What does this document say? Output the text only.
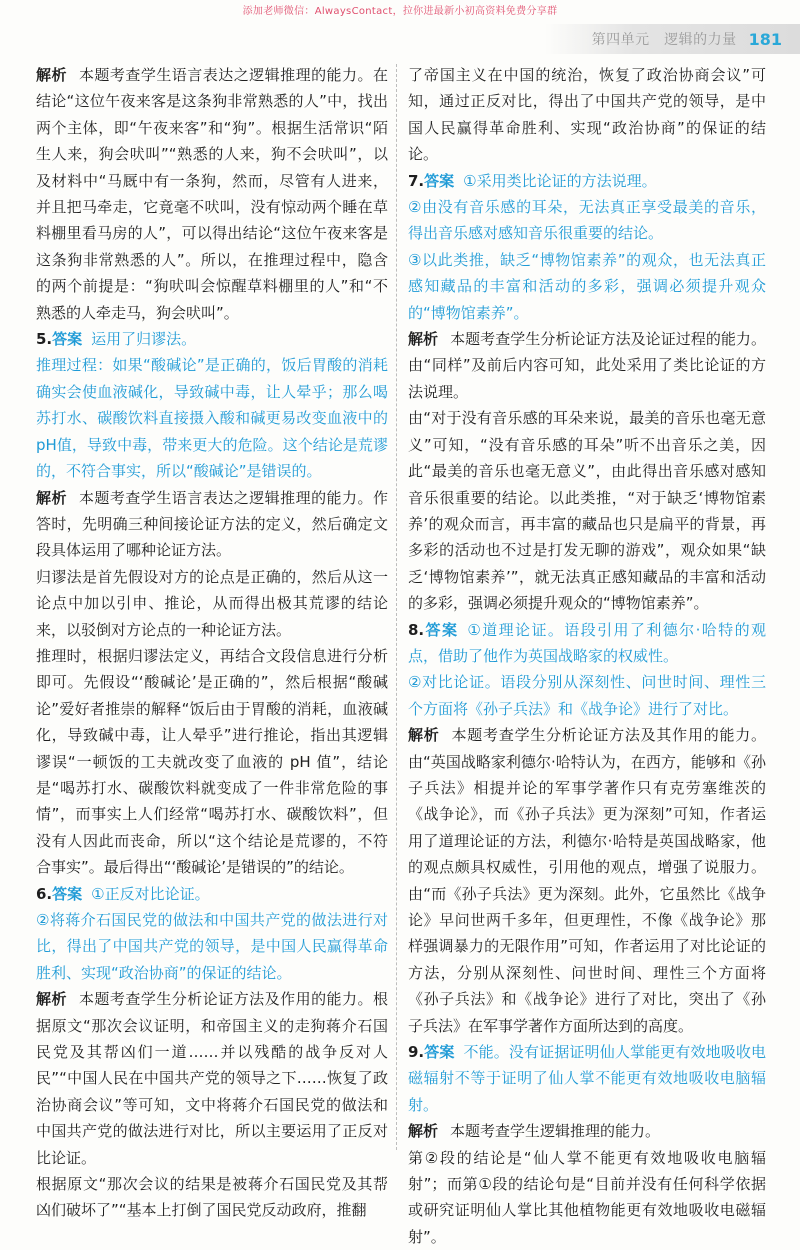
添加老师微信：AlwaysContact，拉你进最新小初高资料免费分享群
第四单元　逻辑的力量 181
解析 本题考查学生语言表达之逻辑推理的能力。在结论“这位午夜来客是这条狗非常熟悉的人”中，找出两个主体，即“午夜来客”和“狗”。根据生活常识“陌生人来，狗会吠叫”“熟悉的人来，狗不会吠叫”，以及材料中“马厩中有一条狗，然而，尽管有人进来，并且把马牵走，它竟毫不吠叫，没有惊动两个睡在草料棚里看马房的人”，可以得出结论“这位午夜来客是这条狗非常熟悉的人”。所以，在推理过程中，隐含的两个前提是：“狗吠叫会惊醒草料棚里的人”和“不熟悉的人牵走马，狗会吠叫”。
5.答案 运用了归谬法。
推理过程：如果“酸碱论”是正确的，饭后胃酸的消耗确实会使血液碱化，导致碱中毒，让人晕乎；那么喝苏打水、碳酸饮料直接摄入酸和碱更易改变血液中的pH值，导致中毒，带来更大的危险。这个结论是荒谬的，不符合事实，所以“酸碱论”是错误的。
解析 本题考查学生语言表达之逻辑推理的能力。作答时，先明确三种间接论证方法的定义，然后确定文段具体运用了哪种论证方法。
归谬法是首先假设对方的论点是正确的，然后从这一论点中加以引申、推论，从而得出极其荒谬的结论来，以驳倒对方论点的一种论证方法。
推理时，根据归谬法定义，再结合文段信息进行分析即可。先假设“‘酸碱论’是正确的”，然后根据“酸碱论”爱好者推崇的解释“饭后由于胃酸的消耗，血液碱化，导致碱中毒，让人晕乎”进行推论，指出其逻辑谬误“一顿饭的工夫就改变了血液的 pH 值”，结论是“喝苏打水、碳酸饮料就变成了一件非常危险的事情”，而事实上人们经常“喝苏打水、碳酸饮料”，但没有人因此而丧命，所以“这个结论是荒谬的，不符合事实”。最后得出“‘酸碱论’是错误的”的结论。
6.答案 ①正反对比论证。
②将蒋介石国民党的做法和中国共产党的做法进行对比，得出了中国共产党的领导，是中国人民赢得革命胜利、实现“政治协商”的保证的结论。
解析 本题考查学生分析论证方法及作用的能力。根据原文“那次会议证明，和帝国主义的走狗蒋介石国民党及其帮凶们一道……并以残酷的战争反对人民”“中国人民在中国共产党的领导之下……恢复了政治协商会议”等可知，文中将蒋介石国民党的做法和中国共产党的做法进行对比，所以主要运用了正反对比论证。
根据原文“那次会议的结果是被蒋介石国民党及其帮凶们破坏了”“基本上打倒了国民党反动政府，推翻
了帝国主义在中国的统治，恢复了政治协商会议”可知，通过正反对比，得出了中国共产党的领导，是中国人民赢得革命胜利、实现“政治协商”的保证的结论。
7.答案 ①采用类比论证的方法说理。
②由没有音乐感的耳朵，无法真正享受最美的音乐，得出音乐感对感知音乐很重要的结论。
③以此类推，缺乏“博物馆素养”的观众，也无法真正感知藏品的丰富和活动的多彩，强调必须提升观众的“博物馆素养”。
解析 本题考查学生分析论证方法及论证过程的能力。由“同样”及前后内容可知，此处采用了类比论证的方法说理。
由“对于没有音乐感的耳朵来说，最美的音乐也毫无意义”可知，“没有音乐感的耳朵”听不出音乐之美，因此“最美的音乐也毫无意义”，由此得出音乐感对感知音乐很重要的结论。以此类推，“对于缺乏‘博物馆素养’的观众而言，再丰富的藏品也只是扁平的背景，再多彩的活动也不过是打发无聊的游戏”，观众如果“缺乏‘博物馆素养’”，就无法真正感知藏品的丰富和活动的多彩，强调必须提升观众的“博物馆素养”。
8.答案 ①道理论证。语段引用了利德尔·哈特的观点，借助了他作为英国战略家的权威性。
②对比论证。语段分别从深刻性、问世时间、理性三个方面将《孙子兵法》和《战争论》进行了对比。
解析 本题考查学生分析论证方法及其作用的能力。由“英国战略家利德尔·哈特认为，在西方，能够和《孙子兵法》相提并论的军事学著作只有克劳塞维茨的《战争论》，而《孙子兵法》更为深刻”可知，作者运用了道理论证的方法，利德尔·哈特是英国战略家，他的观点颇具权威性，引用他的观点，增强了说服力。由“而《孙子兵法》更为深刻。此外，它虽然比《战争论》早问世两千多年，但更理性，不像《战争论》那样强调暴力的无限作用”可知，作者运用了对比论证的方法，分别从深刻性、问世时间、理性三个方面将《孙子兵法》和《战争论》进行了对比，突出了《孙子兵法》在军事学著作方面所达到的高度。
9.答案 不能。没有证据证明仙人掌能更有效地吸收电磁辐射不等于证明了仙人掌不能更有效地吸收电脑辐射。
解析 本题考查学生逻辑推理的能力。
第②段的结论是“仙人掌不能更有效地吸收电脑辐射”；而第①段的结论句是“目前并没有任何科学依据或研究证明仙人掌比其他植物能更有效地吸收电磁辐射”。
